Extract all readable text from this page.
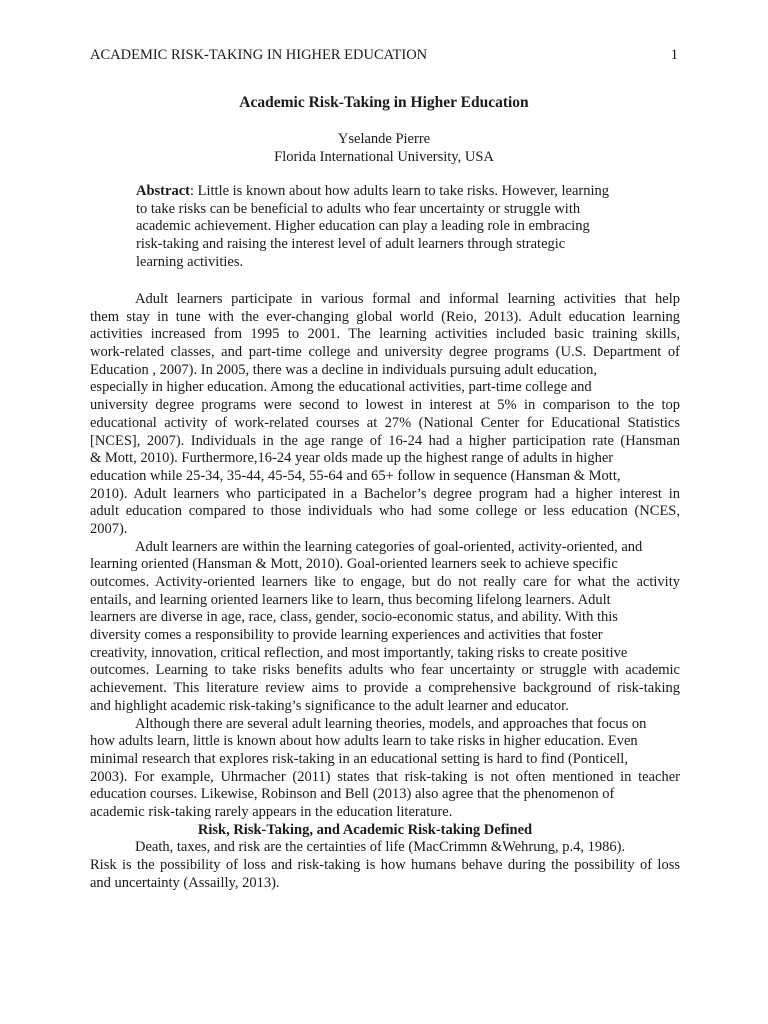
ACADEMIC RISK-TAKING IN HIGHER EDUCATION	1
Academic Risk-Taking in Higher Education
Yselande Pierre
Florida International University, USA
Abstract: Little is known about how adults learn to take risks. However, learning
to take risks can be beneficial to adults who fear uncertainty or struggle with
academic achievement. Higher education can play a leading role in embracing
risk-taking and raising the interest level of adult learners through strategic
learning activities.
Adult learners participate in various formal and informal learning activities that help
them stay in tune with the ever-changing global world (Reio, 2013). Adult education learning
activities increased from 1995 to 2001. The learning activities included basic training skills,
work-related classes, and part-time college and university degree programs (U.S. Department of
Education , 2007). In 2005, there was a decline in individuals pursuing adult education,
especially in higher education. Among the educational activities, part-time college and
university degree programs were second to lowest in interest at 5% in comparison to the top
educational activity of work-related courses at 27% (National Center for Educational Statistics
[NCES], 2007). Individuals in the age range of 16-24 had a higher participation rate (Hansman
& Mott, 2010). Furthermore,16-24 year olds made up the highest range of adults in higher
education while 25-34, 35-44, 45-54, 55-64 and 65+ follow in sequence (Hansman & Mott,
2010). Adult learners who participated in a Bachelor’s degree program had a higher interest in
adult education compared to those individuals who had some college or less education (NCES,
2007).
Adult learners are within the learning categories of goal-oriented, activity-oriented, and
learning oriented (Hansman & Mott, 2010). Goal-oriented learners seek to achieve specific
outcomes. Activity-oriented learners like to engage, but do not really care for what the activity
entails, and learning oriented learners like to learn, thus becoming lifelong learners. Adult
learners are diverse in age, race, class, gender, socio-economic status, and ability. With this
diversity comes a responsibility to provide learning experiences and activities that foster
creativity, innovation, critical reflection, and most importantly, taking risks to create positive
outcomes. Learning to take risks benefits adults who fear uncertainty or struggle with academic
achievement. This literature review aims to provide a comprehensive background of risk-taking
and highlight academic risk-taking’s significance to the adult learner and educator.
Although there are several adult learning theories, models, and approaches that focus on
how adults learn, little is known about how adults learn to take risks in higher education. Even
minimal research that explores risk-taking in an educational setting is hard to find (Ponticell,
2003). For example, Uhrmacher (2011) states that risk-taking is not often mentioned in teacher
education courses. Likewise, Robinson and Bell (2013) also agree that the phenomenon of
academic risk-taking rarely appears in the education literature.
Risk, Risk-Taking, and Academic Risk-taking Defined
Death, taxes, and risk are the certainties of life (MacCrimmn &Wehrung, p.4, 1986).
Risk is the possibility of loss and risk-taking is how humans behave during the possibility of loss
and uncertainty (Assailly, 2013).
